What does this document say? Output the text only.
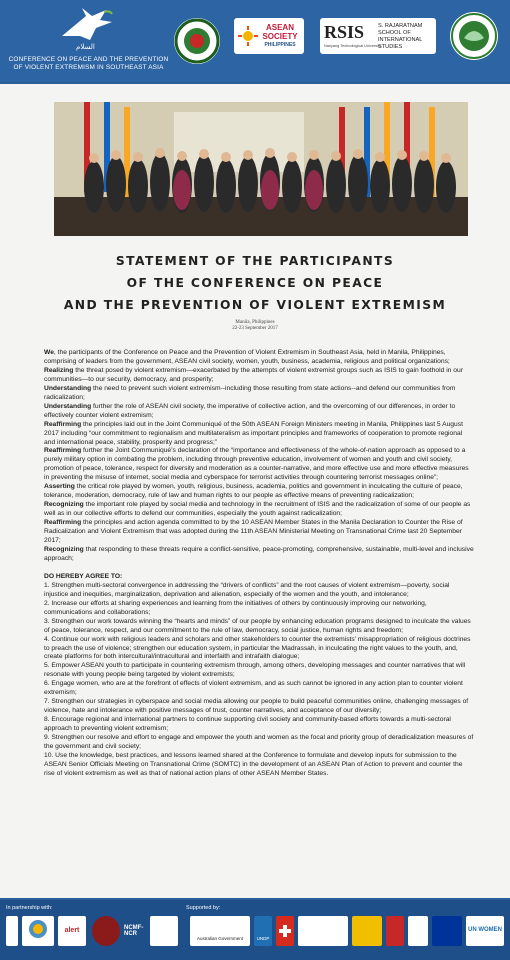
السلام
CONFERENCE ON PEACE AND THE PREVENTION
OF VIOLENT EXTREMISM IN SOUTHEAST ASIA
ASEAN
SOCIETY
PHILIPPINES
RSIS
Nanyang Technological University
S. RAJARATNAM SCHOOL OF INTERNATIONAL STUDIES
STATEMENT OF THE PARTICIPANTS
OF THE CONFERENCE ON PEACE
AND THE PREVENTION OF VIOLENT EXTREMISM
Manila, Philippines
22-23 September 2017
We, the participants of the Conference on Peace and the Prevention of Violent Extremism in Southeast Asia, held in Manila, Philippines, comprising of leaders from the government, ASEAN civil society, women, youth, business, academia, religious and political organizations;
Realizing the threat posed by violent extremism—exacerbated by the attempts of violent extremist groups such as ISIS to gain foothold in our communities—to our security, democracy, and prosperity;
Understanding the need to prevent such violent extremism--including those resulting from state actions--and defend our communities from radicalization;
Understanding further the role of ASEAN civil society, the imperative of collective action, and the overcoming of our differences, in order to effectively counter violent extremism;
Reaffirming the principles laid out in the Joint Communiqué of the 50th ASEAN Foreign Ministers meeting in Manila, Philippines last 5 August 2017 including “our commitment to regionalism and multilateralism as important principles and frameworks of cooperation to promote regional and international peace, stability, prosperity and progress;”
Reaffirming further the Joint Communiqué’s declaration of the “importance and effectiveness of the whole-of-nation approach as opposed to a purely military option in combating the problem, including through preventive education, involvement of women and youth and civil society, promotion of peace, tolerance, respect for diversity and moderation as a counter-narrative, and more effective use and more effective measures in preventing the misuse of internet, social media and cyberspace for terrorist activities through countering terrorist messages online”;
Asserting the critical role played by women, youth, religious, business, academia, politics and government in inculcating the culture of peace, tolerance, moderation, democracy, rule of law and human rights to our people as effective means of preventing radicalization;
Recognizing the important role played by social media and technology in the recruitment of ISIS and the radicalization of some of our people as well as in our collective efforts to defend our communities, especially the youth against radicalization;
Reaffirming the principles and action agenda committed to by the 10 ASEAN Member States in the Manila Declaration to Counter the Rise of Radicalization and Violent Extremism that was adopted during the 11th ASEAN Ministerial Meeting on Transnational Crime last 20 September 2017;
Recognizing that responding to these threats require a conflict-sensitive, peace-promoting, comprehensive, sustainable, multi-level and inclusive approach;
DO HEREBY AGREE TO:
1. Strengthen multi-sectoral convergence in addressing the “drivers of conflicts” and the root causes of violent extremism—poverty, social injustice and inequities, marginalization, deprivation and alienation, especially of the women and the youth, and intolerance;
2. Increase our efforts at sharing experiences and learning from the initiatives of others by continuously improving our networking, communications and collaborations;
3. Strengthen our work towards winning the “hearts and minds” of our people by enhancing education programs designed to inculcate the values of peace, tolerance, respect, and our commitment to the rule of law, democracy, social justice, human rights and freedom;
4. Continue our work with religious leaders and scholars and other stakeholders to counter the extremists’ misappropriation of religious doctrines to preach the use of violence; strengthen our education system, in particular the Madrassah, in inculcating the right values to the youth, and, create platforms for both intercultural/intracultural and interfaith and intrafaith dialogue;
5. Empower ASEAN youth to participate in countering extremism through, among others, developing messages and counter narratives that will resonate with young people being targeted by violent extremists;
6. Engage women, who are at the forefront of effects of violent extremism, and as such cannot be ignored in any action plan to counter violent extremism;
7. Strengthen our strategies in cyberspace and social media allowing our people to build peaceful communities online, challenging messages of violence, hate and intolerance with positive messages of trust, counter narratives, and acceptance of our diversity;
8. Encourage regional and international partners to continue supporting civil society and community-based efforts towards a multi-sectoral approach to preventing violent extremism;
9. Strengthen our resolve and effort to engage and empower the youth and women as the focal and priority group of deradicalization measures of the government and civil society;
10. Use the knowledge, best practices, and lessons learned shared at the Conference to formulate and develop inputs for submission to the ASEAN Senior Officials Meeting on Transnational Crime (SOMTC) in the development of an ASEAN Plan of Action to prevent and counter the rise of violent extremism as well as that of national action plans of other ASEAN Member States.
In partnership with:	Supported by:
alert	NCMF-NCR
Australian Government	UNDP
UN WOMEN
